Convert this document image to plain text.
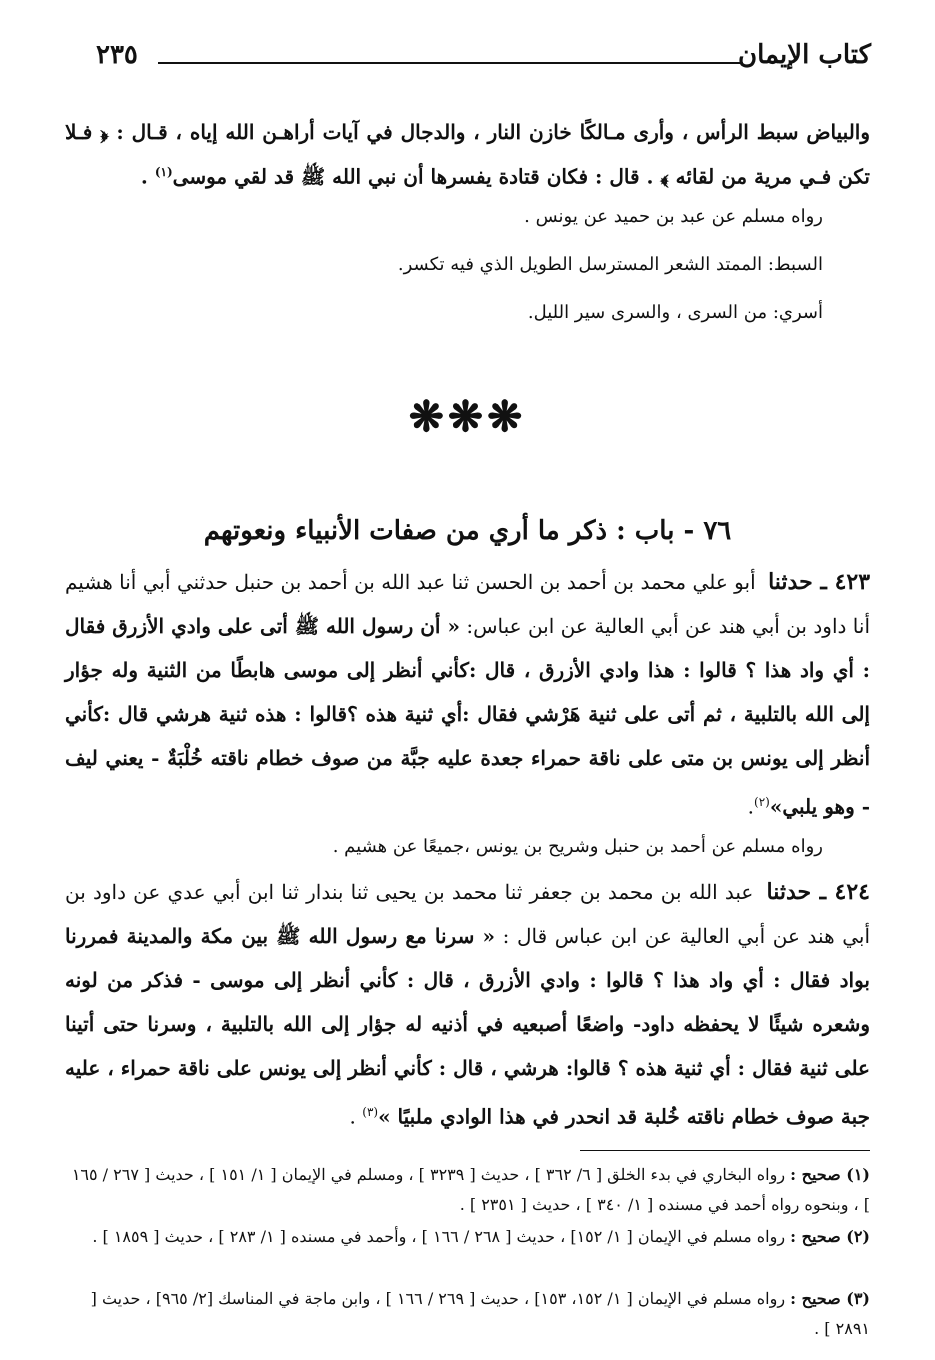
كتاب الإيمان
٢٣٥
والبياض سبط الرأس ، وأرى مـالكًا خازن النار ، والدجال في آيات أراهـن الله إياه ، قـال : ﴿ فـلا تكن فـي مرية من لقائه ﴾ . قال : فكان قتادة يفسرها أن نبي الله ﷺ قد لقي موسى$^{(١)}$ .
رواه مسلم عن عبد بن حميد عن يونس .
السبط: الممتد الشعر المسترسل الطويل الذي فيه تكسر.
أسري: من السرى ، والسرى سير الليل.
❋❋❋
٧٦ - باب : ذكر ما أري من صفات الأنبياء ونعوتهم
٤٢٣ ـ حدثنا أبو علي محمد بن أحمد بن الحسن ثنا عبد الله بن أحمد بن حنبل حدثني أبي أنا هشيم أنا داود بن أبي هند عن أبي العالية عن ابن عباس: « أن رسول الله ﷺ أتى على وادي الأزرق فقال : أي واد هذا ؟ قالوا : هذا وادي الأزرق ، قال :كأني أنظر إلى موسى هابطًا من الثنية وله جؤار إلى الله بالتلبية ، ثم أتى على ثنية هَرْشي فقال :أي ثنية هذه ؟قالوا : هذه ثنية هرشي قال :كأني أنظر إلى يونس بن متى على ناقة حمراء جعدة عليه جبَّة من صوف خطام ناقته خُلْبَةٌ - يعني ليف - وهو يلبي»$^{(٢)}$.
رواه مسلم عن أحمد بن حنبل وشريح بن يونس ،جميعًا عن هشيم .
٤٢٤ ـ حدثنا عبد الله بن محمد بن جعفر ثنا محمد بن يحيى ثنا بندار ثنا ابن أبي عدي عن داود بن أبي هند عن أبي العالية عن ابن عباس قال : « سرنا مع رسول الله ﷺ بين مكة والمدينة فمررنا بواد فقال : أي واد هذا ؟ قالوا : وادي الأزرق ، قال : كأني أنظر إلى موسى - فذكر من لونه وشعره شيئًا لا يحفظه داود- واضعًا أصبعيه في أذنيه له جؤار إلى الله بالتلبية ، وسرنا حتى أتينا على ثنية فقال : أي ثنية هذه ؟ قالوا: هرشي ، قال : كأني أنظر إلى يونس على ناقة حمراء ، عليه جبة صوف خطام ناقته خُلبة قد انحدر في هذا الوادي ملبيًا »$^{(٣)}$ .
(١) صحيح : رواه البخاري في بدء الخلق [ ٦/ ٣٦٢ ] ، حديث [ ٣٢٣٩ ] ، ومسلم في الإيمان [ ١/ ١٥١ ] ، حديث [ ٢٦٧ / ١٦٥ ] ، وبنحوه رواه أحمد في مسنده [ ١/ ٣٤٠ ] ، حديث [ ٢٣٥١ ] .
(٢) صحيح : رواه مسلم في الإيمان [ ١/ ١٥٢] ، حديث [ ٢٦٨ / ١٦٦ ] ، وأحمد في مسنده [ ١/ ٢٨٣ ] ، حديث [ ١٨٥٩ ] .
(٣) صحيح : رواه مسلم في الإيمان [ ١/ ١٥٢، ١٥٣] ، حديث [ ٢٦٩ / ١٦٦ ] ، وابن ماجة في المناسك [٢/ ٩٦٥] ، حديث [ ٢٨٩١ ] .
